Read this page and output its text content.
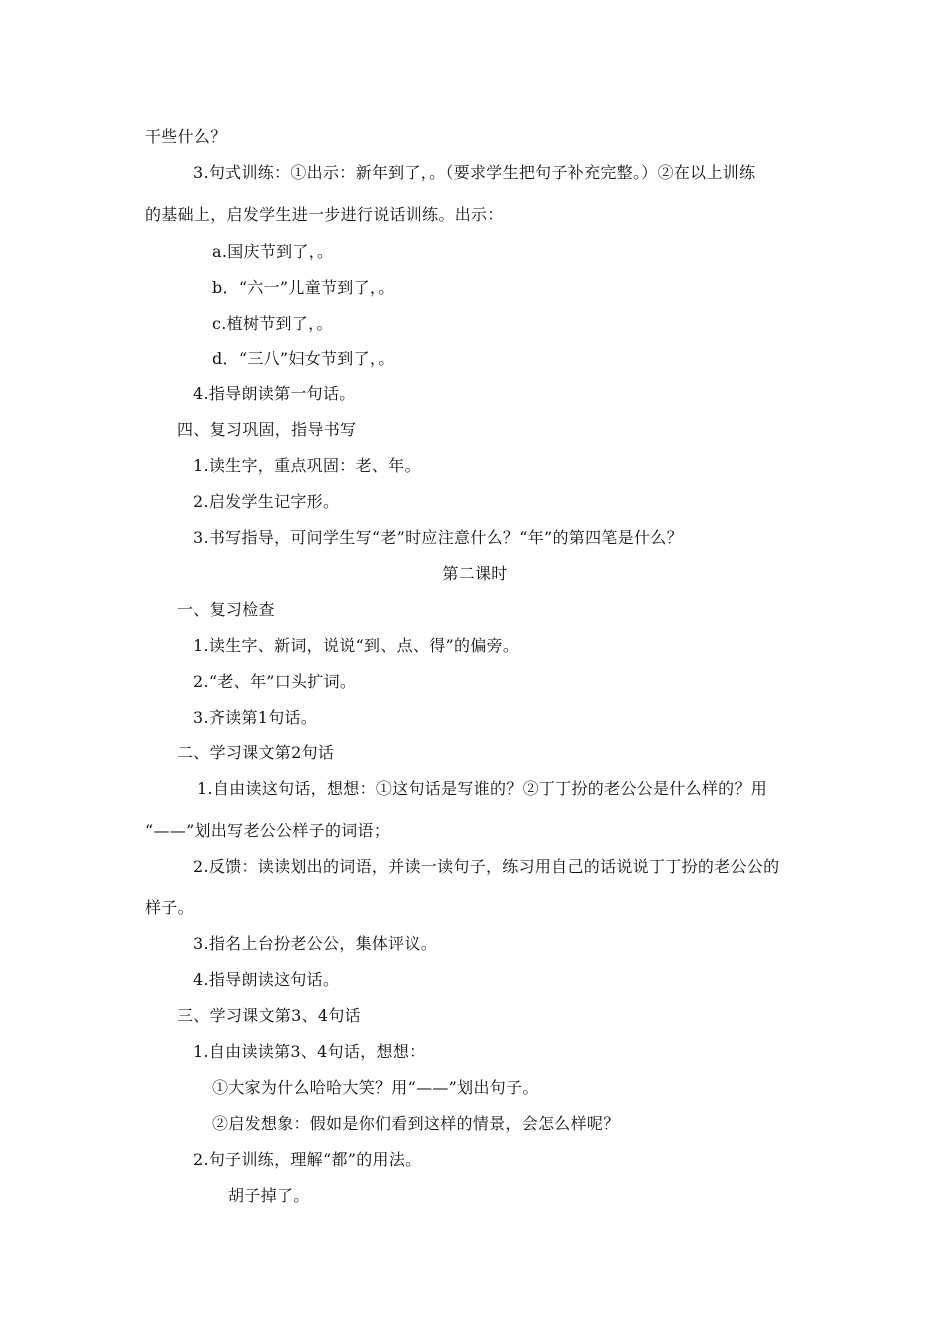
干些什么？
3.句式训练：①出示：新年到了，。（要求学生把句子补充完整。）②在以上训练
的基础上，启发学生进一步进行说话训练。出示：
a.国庆节到了，。
b．“六一”儿童节到了，。
c.植树节到了，。
d．“三八”妇女节到了，。
4.指导朗读第一句话。
四、复习巩固，指导书写
1.读生字，重点巩固：老、年。
2.启发学生记字形。
3.书写指导，可问学生写“老”时应注意什么？“年”的第四笔是什么？
第二课时
一、复习检查
1.读生字、新词，说说“到、点、得”的偏旁。
2.“老、年”口头扩词。
3.齐读第1句话。
二、学习课文第2句话
1.自由读这句话，想想：①这句话是写谁的？②丁丁扮的老公公是什么样的？用
“——”划出写老公公样子的词语；
2.反馈：读读划出的词语，并读一读句子，练习用自己的话说说丁丁扮的老公公的
样子。
3.指名上台扮老公公，集体评议。
4.指导朗读这句话。
三、学习课文第3、4句话
1.自由读读第3、4句话，想想：
①大家为什么哈哈大笑？用“——”划出句子。
②启发想象：假如是你们看到这样的情景，会怎么样呢？
2.句子训练，理解“都”的用法。
胡子掉了。
